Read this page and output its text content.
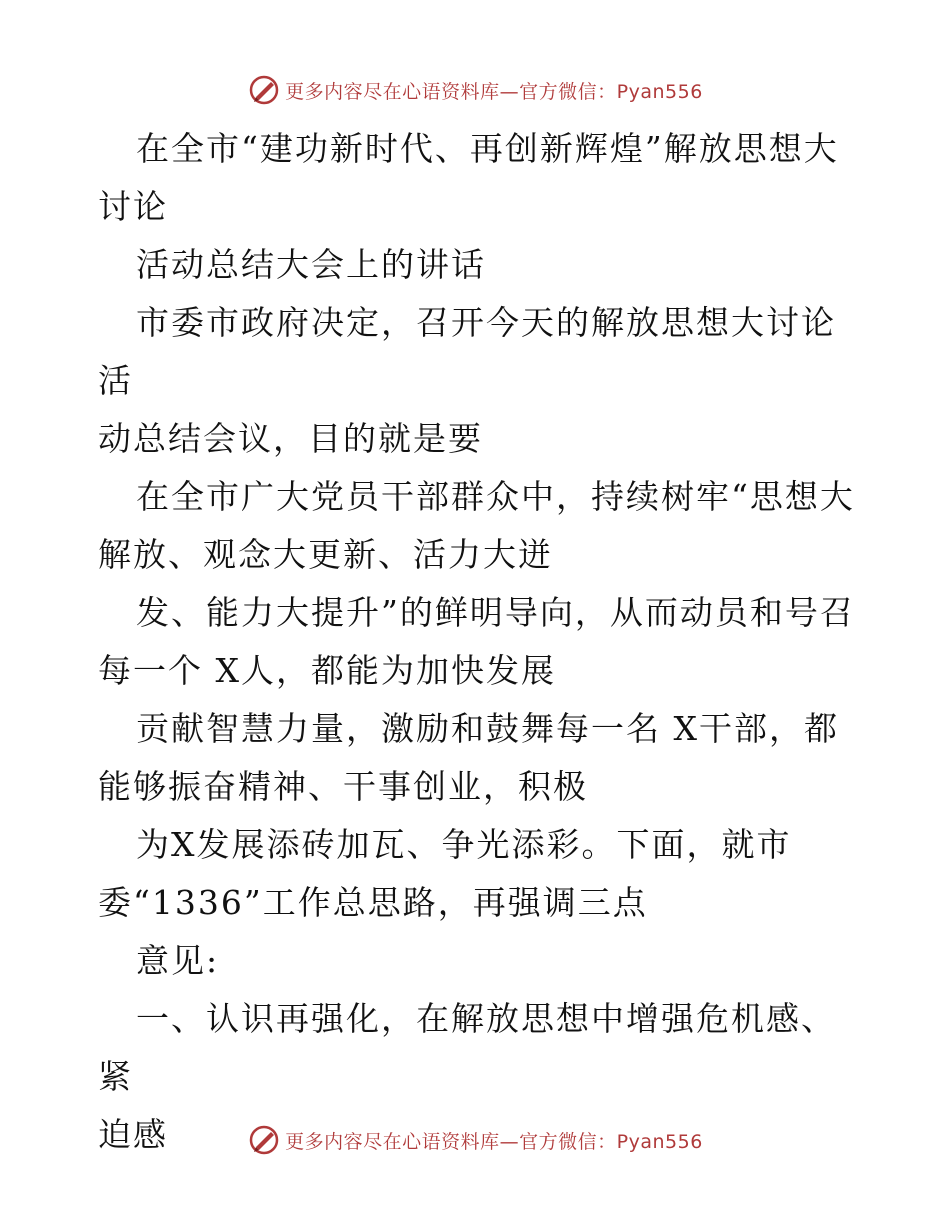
更多内容尽在心语资料库—官方微信：Pyan556

在全市“建功新时代、再创新辉煌”解放思想大
讨论

活动总结大会上的讲话

市委市政府决定，召开今天的解放思想大讨论活
动总结会议，目的就是要

在全市广大党员干部群众中，持续树牢“思想大
解放、观念大更新、活力大迸

发、能力大提升”的鲜明导向，从而动员和号召
每一个 X人，都能为加快发展

贡献智慧力量，激励和鼓舞每一名 X干部，都
能够振奋精神、干事创业，积极

为X发展添砖加瓦、争光添彩。下面，就市
委“1336”工作总思路，再强调三点

意见:

一、认识再强化，在解放思想中增强危机感、紧
迫感	更多内容尽在心语资料库—官方微信：Pyan556
